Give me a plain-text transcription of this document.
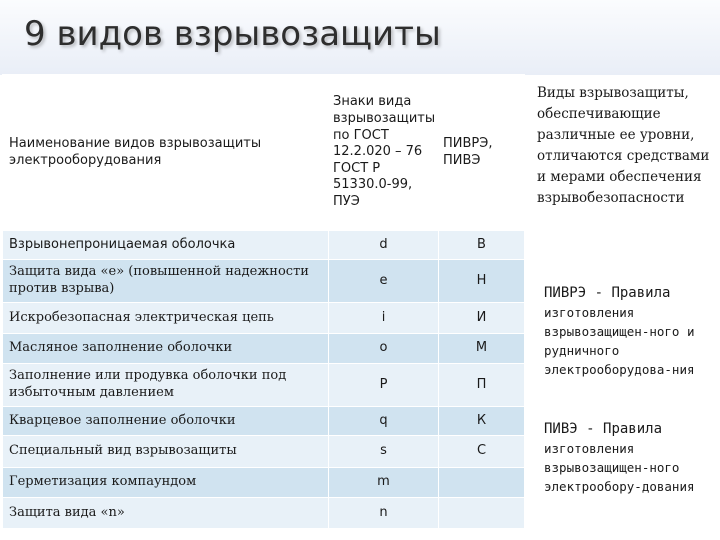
9 видов взрывозащиты
Наименование видов взрывозащиты электрооборудования	Знаки вида взрывозащиты по ГОСТ 12.2.020 – 76 ГОСТ Р 51330.0-99, ПУЭ	ПИВРЭ, ПИВЭ
Взрывонепроницаемая оболочка	d	В
Защита вида «е» (повышенной надежности против взрыва)	e	Н
Искробезопасная электрическая цепь	i	И
Масляное заполнение оболочки	o	М
Заполнение или продувка оболочки под избыточным давлением	P	П
Кварцевое заполнение оболочки	q	К
Специальный вид взрывозащиты	s	С
Герметизация компаундом	m	
Защита вида «n»	n	
Виды взрывозащиты, обеспечивающие различные ее уровни, отличаются средствами и мерами обеспечения взрывобезопасности
ПИВРЭ - Правила
изготовления взрывозащищен-ного и рудничного электрооборудова-ния
ПИВЭ - Правила
изготовления взрывозащищен-ного электрообору-дования
